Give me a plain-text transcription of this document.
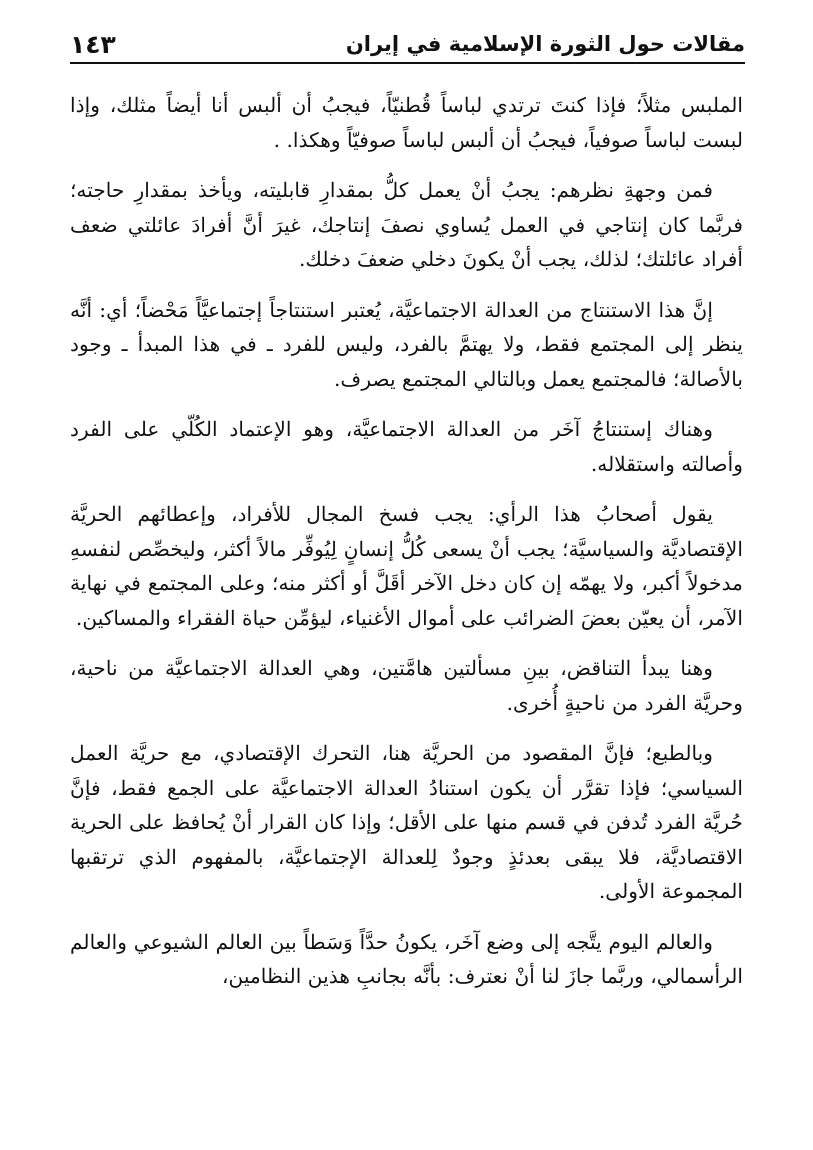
مقالات حول الثورة الإسلامية في إيران
١٤٣

الملبس مثلاً؛ فإذا كنتَ ترتدي لباساً قُطنيّاً، فيجبُ أن ألبس أنا أيضاً مثلك، وإذا لبست لباساً صوفياً، فيجبُ أن ألبس لباساً صوفيّاً وهكذا. .

فمن وجهةِ نظرهم: يجبُ أنْ يعمل كلُّ بمقدارِ قابليته، ويأخذ بمقدارِ حاجته؛ فربَّما كان إنتاجي في العمل يُساوي نصفَ إنتاجك، غيرَ أنَّ أفرادَ عائلتي ضعف أفراد عائلتك؛ لذلك، يجب أنْ يكونَ دخلي ضعفَ دخلك.

إنَّ هذا الاستنتاج من العدالة الاجتماعيَّة، يُعتبر استنتاجاً إجتماعيَّاً مَحْضاً؛ أي: أنَّه ينظر إلى المجتمع فقط، ولا يهتمَّ بالفرد، وليس للفرد ـ في هذا المبدأ ـ وجود بالأصالة؛ فالمجتمع يعمل وبالتالي المجتمع يصرف.

وهناك إستنتاجُ آخَر من العدالة الاجتماعيَّة، وهو الإعتماد الكُلّي على الفرد وأصالته واستقلاله.

يقول أصحابُ هذا الرأي: يجب فسخ المجال للأفراد، وإعطائهم الحريَّة الإقتصاديَّة والسياسيَّة؛ يجب أنْ يسعى كُلُّ إنسانٍ لِيُوفِّر مالاً أكثر، وليخصِّص لنفسهِ مدخولاً أكبر، ولا يهمّه إن كان دخل الآخر أقَلَّ أو أكثر منه؛ وعلى المجتمع في نهاية الآمر، أن يعيّن بعضَ الضرائب على أموال الأغنياء، ليؤمِّن حياة الفقراء والمساكين.

وهنا يبدأ التناقض، بينِ مسألتين هامَّتين، وهي العدالة الاجتماعيَّة من ناحية، وحريَّة الفرد من ناحيةٍ أُخرى.

وبالطبع؛ فإنَّ المقصود من الحريَّة هنا، التحرك الإقتصادي، مع حريَّة العمل السياسي؛ فإذا تقرَّر أن يكون استنادُ العدالة الاجتماعيَّة على الجمع فقط، فإنَّ حُريَّة الفرد تُدفن في قسم منها على الأقل؛ وإذا كان القرار أنْ يُحافظ على الحرية الاقتصاديَّة، فلا يبقى بعدئذٍ وجودٌ لِلعدالة الإجتماعيَّة، بالمفهوم الذي ترتقبها المجموعة الأولى.

والعالم اليوم يتَّجه إلى وضع آخَر، يكونُ حدَّاً وَسَطاً بين العالم الشيوعي والعالم الرأسمالي، وربَّما جازَ لنا أنْ نعترف: بأنَّه بجانبِ هذين النظامين،
